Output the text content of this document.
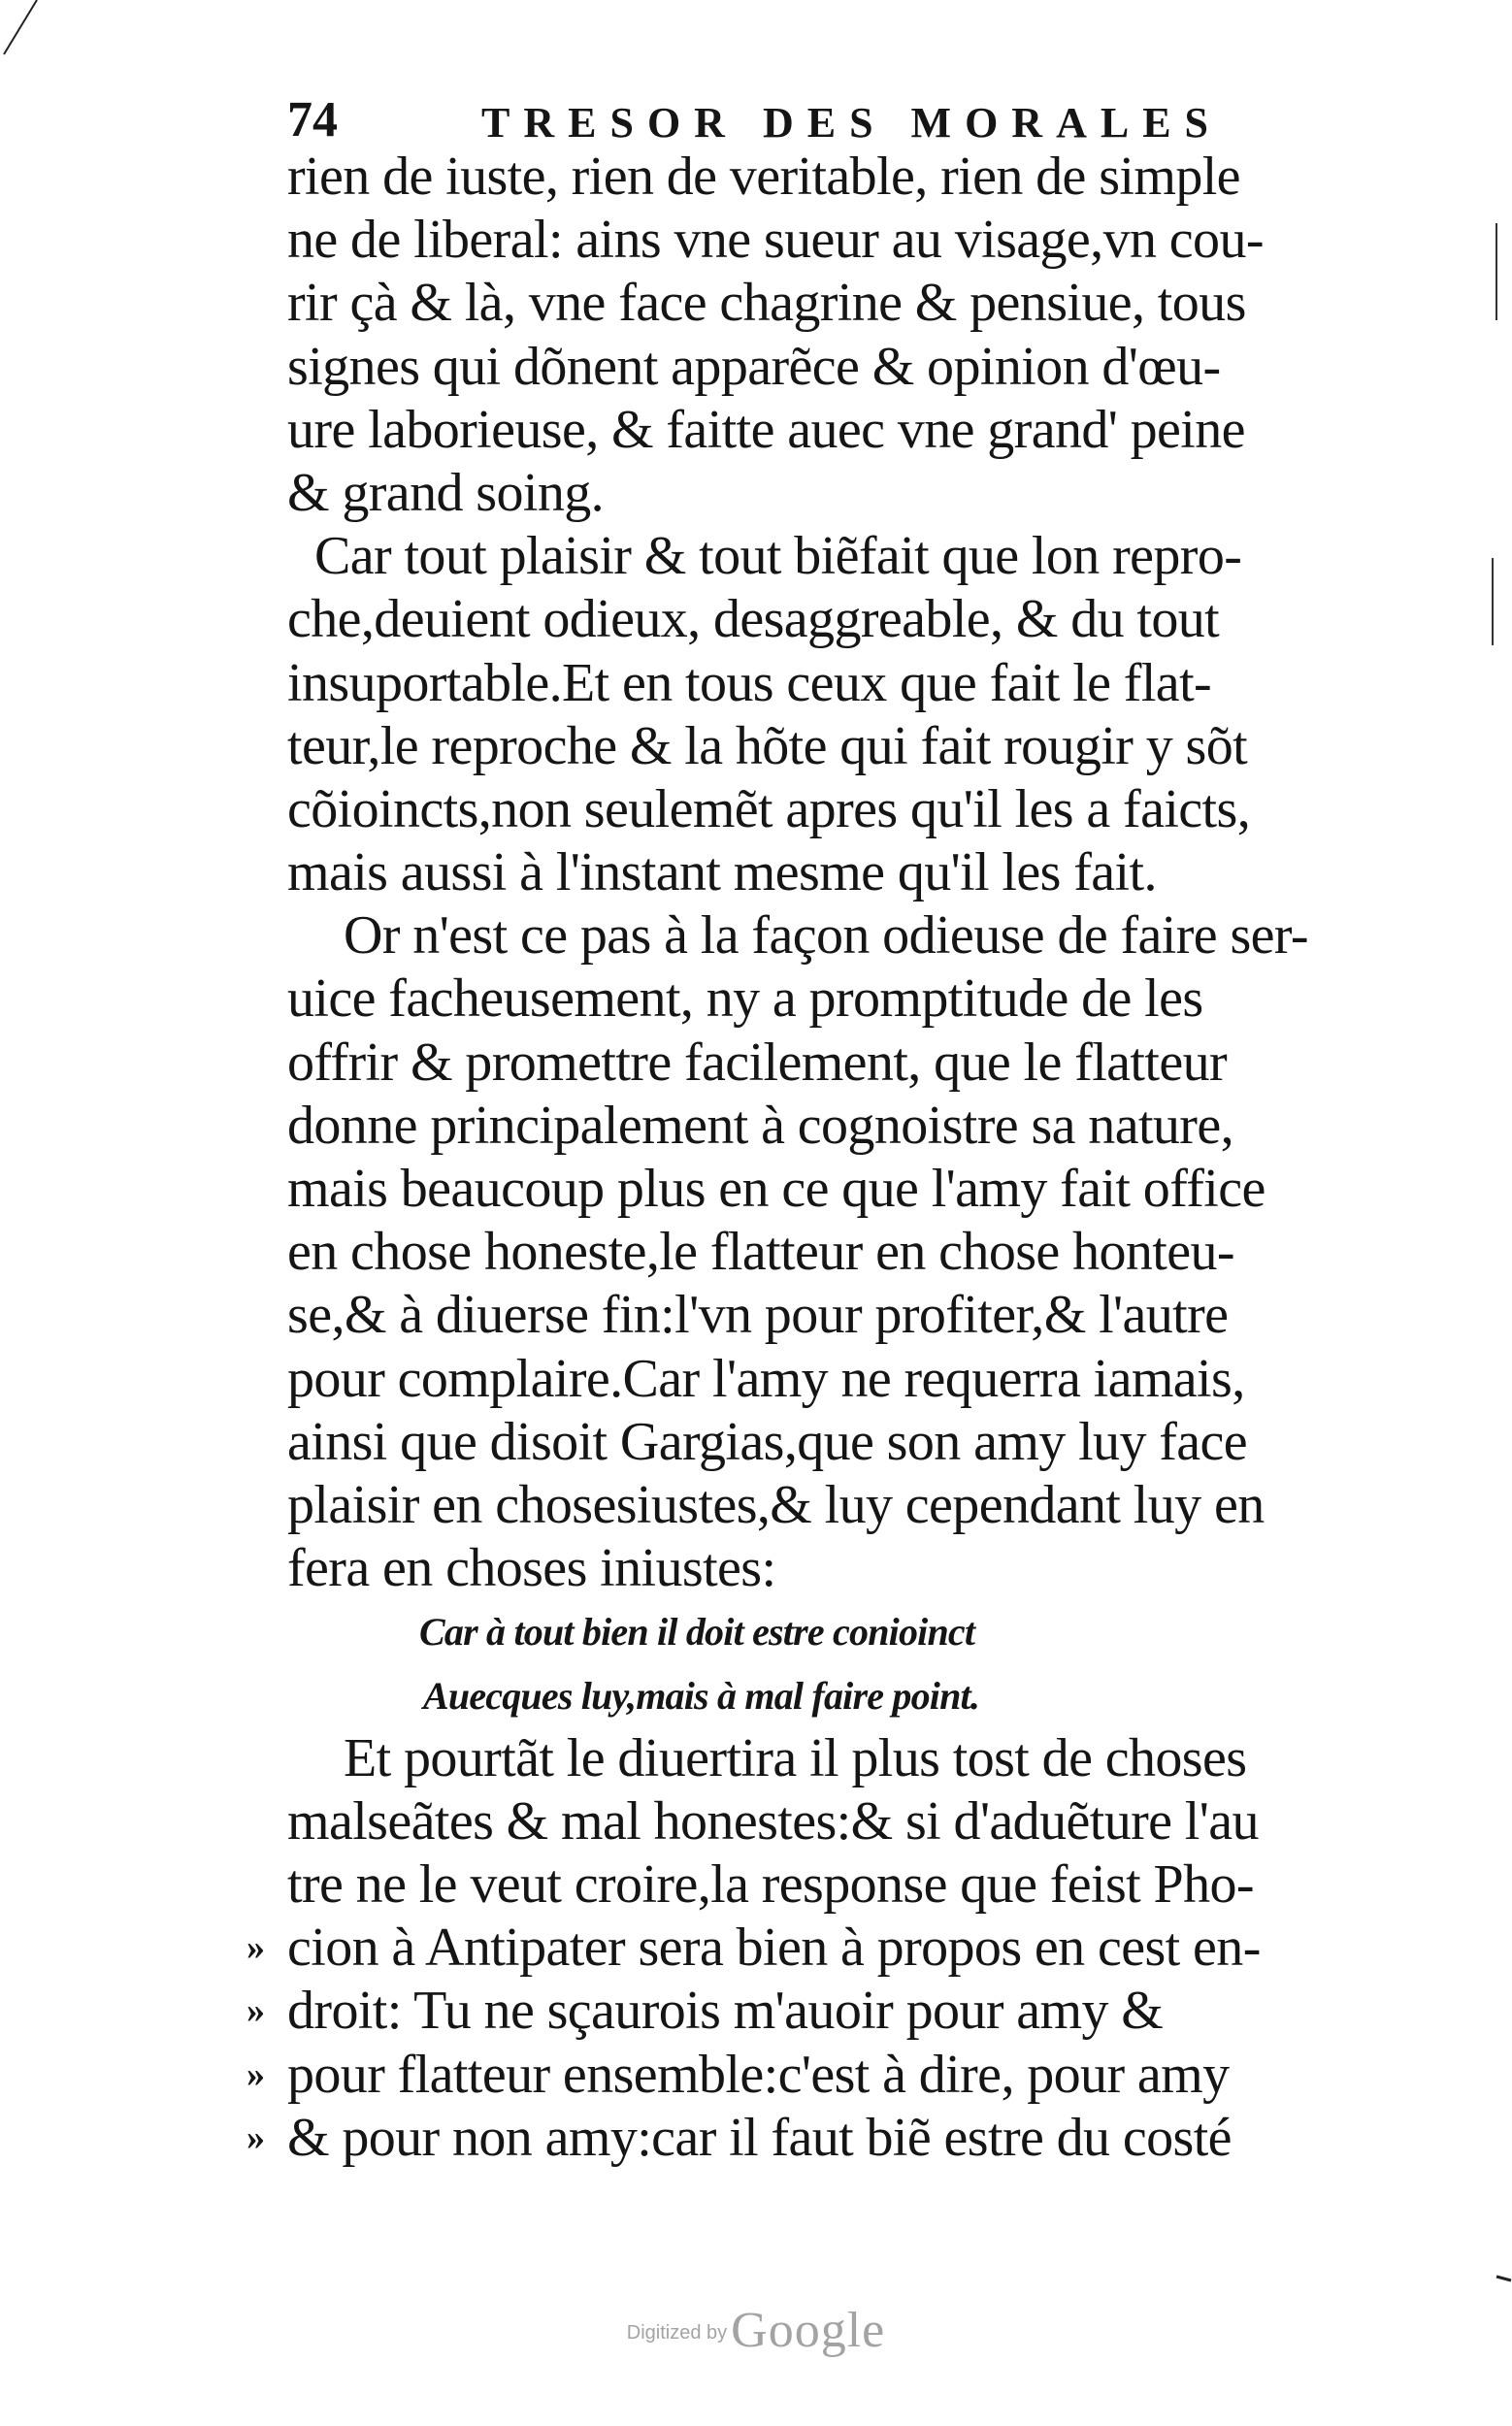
74	TRESOR DES MORALES
rien de iuste, rien de veritable, rien de simple
ne de liberal: ains vne sueur au visage,vn cou-
rir çà & là, vne face chagrine & pensiue, tous
signes qui dõnent apparẽce & opinion d'œu-
ure laborieuse, & faitte auec vne grand' peine
& grand soing.
Car tout plaisir & tout biẽfait que lon repro-
che,deuient odieux, desaggreable, & du tout
insuportable.Et en tous ceux que fait le flat-
teur,le reproche & la hõte qui fait rougir y sõt
cõioincts,non seulemẽt apres qu'il les a faicts,
mais aussi à l'instant mesme qu'il les fait.
Or n'est ce pas à la façon odieuse de faire ser-
uice facheusement, ny a promptitude de les
offrir & promettre facilement, que le flatteur
donne principalement à cognoistre sa nature,
mais beaucoup plus en ce que l'amy fait office
en chose honeste,le flatteur en chose honteu-
se,& à diuerse fin:l'vn pour profiter,& l'autre
pour complaire.Car l'amy ne requerra iamais,
ainsi que disoit Gargias,que son amy luy face
plaisir en chosesiustes,& luy cependant luy en
fera en choses iniustes:
Car à tout bien il doit estre conioinct
Auecques luy,mais à mal faire point.
Et pourtãt le diuertira il plus tost de choses
malseãtes & mal honestes:& si d'aduẽture l'au
tre ne le veut croire,la response que feist Pho-
» cion à Antipater sera bien à propos en cest en-
» droit: Tu ne sçaurois m'auoir pour amy &
» pour flatteur ensemble:c'est à dire, pour amy
» & pour non amy:car il faut biẽ estre du costé
Digitized by Google
